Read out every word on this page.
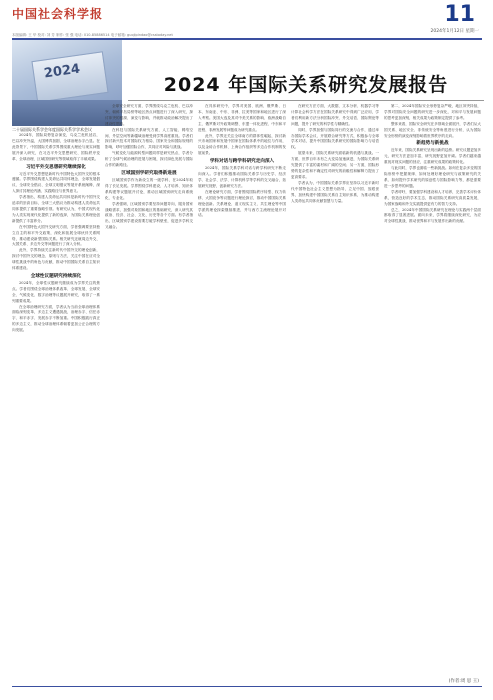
中国社会科学报	11
2024年1月12日 星期一
本版编辑: 王 华 校对: 刘 芳 制作: 张 强 电话: 010-85886514 电子邮箱: guojipindao@csstoday.net
2024
二十届国际关系学会年度国际关系学学术会议
2024 年国际关系研究发展报告

2024年，国际局势复杂演变，乌克兰危机延宕，巴以冲突外溢，大国博弈加剧，全球治理赤字凸显。在此背景下，中国国际关系学界围绕重大理论与现实问题展开深入研究，在习近平外交思想研究、国际秩序变革、全球治理、区域国别研究等领域取得了丰硕成果。

习近平外交思想研究继续深化

习近平外交思想是新时代中国特色大国外交的根本遵循。学界围绕构建人类命运共同体理念、全球发展倡议、全球安全倡议、全球文明倡议等展开系统阐释，深入探讨其理论内涵、实践路径与世界意义。

学者指出，构建人类命运共同体是新时代中国外交追求的崇高目标，全球三大倡议为推动构建人类命运共同体提供了重要战略引领。有研究认为，中国式现代化为人类实现现代化提供了新的选择，为国际关系理论创新提供了丰富养分。

在中国特色大国外交研究方面，学者强调要坚持独立自主的和平外交政策，深化和拓展全球伙伴关系网络，推动建设新型国际关系。相关研究还就周边外交、大国关系、多边外交等问题进行了深入分析。

此外，学界持续关注新时代中国外交的理论创新，探讨中国外交的理念、原则与方法，关注中国在应对全球性挑战中的角色与贡献，推动中国国际关系自主知识体系建设。

全球性议题研究持续深化

2024年，全球性议题研究继续成为学界关注的焦点。学者们围绕全球治理体系改革、全球发展、全球安全、气候变化、数字治理等议题展开研究，取得了一系列重要成果。

在全球治理研究方面，学者认为当前全球治理体系面临深刻变革，多边主义遭遇挑战，治理赤字、信任赤字、和平赤字、发展赤字不断加重。中国积极践行真正的多边主义，推动全球治理体系朝着更加公正合理的方向发展。

全球安全研究方面，学界围绕乌克兰危机、巴以冲突、朝鲜半岛局势等地区热点问题进行了深入研究，探讨冲突的根源、演变与影响，并就推动政治解决提出了建设性思路。

在科技与国际关系研究方面，人工智能、网络空间、外层空间等新疆域治理受到学界高度重视。学者们探讨新兴技术对国际权力格局、国家安全和国际规则的影响，呼吁加强国际合作，共同应对风险与挑战。

气候变化与能源转型问题同样是研究热点，学者分析了全球气候治理的进展与困境，探讨绿色发展与国际合作的新路径。

区域国别学研究取得新进展

区域国别学作为新设立的一级学科，在2024年取得了长足发展。学界围绕学科建设、人才培养、知识体系构建等议题展开讨论，推动区域国别研究走向系统化、专业化。

学者强调，区域国别学要坚持问题导向，服务国家战略需求，加强对象国和地区的基础研究，深入研究其政治、经济、社会、文化、历史等各个方面。有学者指出，区域国别学建设需要打破学科壁垒，促进多学科交叉融合。

在具体研究中，学界对美国、欧洲、俄罗斯、日本、东南亚、中东、非洲、拉美等国家和地区进行了深入考察。美国大选及其对中美关系的影响、欧洲战略自主、俄罗斯对外政策调整、东盟一体化进程、中东和平进程、非洲发展等问题成为研究重点。

此外，学界还关注全球南方的群体性崛起，探讨新兴市场国家和发展中国家在国际体系中的地位与作用，以及金砖合作机制、上海合作组织等多边合作机制的发展前景。

学科对话与跨学科研究走向深入

2024年，国际关系学科对话与跨学科研究不断走向深入。学者们积极推动国际关系学与历史学、经济学、社会学、法学、计算机科学等学科的交叉融合，拓展研究视野，创新研究方法。

在理论研究方面，学者围绕国际秩序转型、权力转移、大国竞争等议题进行理论探讨，推动中国国际关系理论创新。关系理论、道义现实主义、共生理论等中国学派的理论探索继续推进，并与西方主流理论展开对话。

在研究方法方面，大数据、文本分析、机器学习等计算社会科学方法在国际关系研究中得到广泛应用，学者们利用新方法分析国际冲突、外交话语、国际舆论等问题，提升了研究的科学性与精确性。

同时，学界加强与国际同行的交流与合作，通过举办国际学术会议、开展联合研究等方式，积极参与全球学术对话，提升中国国际关系研究的国际影响力与话语权。

展望未来，国际关系研究面临新的机遇与挑战。一方面，世界百年未有之大变局加速演进，为国际关系研究提供了丰富的素材和广阔的空间；另一方面，国际形势的复杂性和不确定性对研究的前瞻性和解释力提出了更高要求。

学者认为，中国国际关系学界应坚持以习近平新时代中国特色社会主义思想为指导，立足中国、放眼世界，加快构建中国国际关系自主知识体系，为推动构建人类命运共同体贡献智慧与力量。

第二，2024年国际安全形势复杂严峻，地区冲突持续，学界对国际安全问题的研究进一步深化，对和平与发展问题的思考更加深刻，相关成果为政策制定提供了参考。

整体来看，国际安全研究在多领域全面展开，学者们从大国关系、地区安全、非传统安全等角度进行分析，认为国际安全形势的演变深刻影响着世界秩序的走向。

新趋势与新挑战

近年来，国际关系研究呈现出新的趋势。研究议题更加多元，研究方法更加丰富，研究视野更加开阔。学者们越来越重视对现实问题的回应，注重研究成果的政策转化。

与此同时，学界也面临一些新挑战。如何在复杂多变的国际形势中把握规律、如何处理好理论研究与政策研究的关系、如何提升学术研究的原创性与国际影响力等，都是需要进一步思考的问题。

学者呼吁，要加强学科建设和人才培养，完善学术评价体系，营造良好的学术生态，推动国际关系研究高质量发展，为国家战略和外交实践提供更有力的智力支持。

总之，2024年中国国际关系研究在理论与实践两个层面都取得了显著进展。面向未来，学界将继续深化研究，为应对全球性挑战、推动世界和平与发展作出新的贡献。

(作者:周 思 王)
